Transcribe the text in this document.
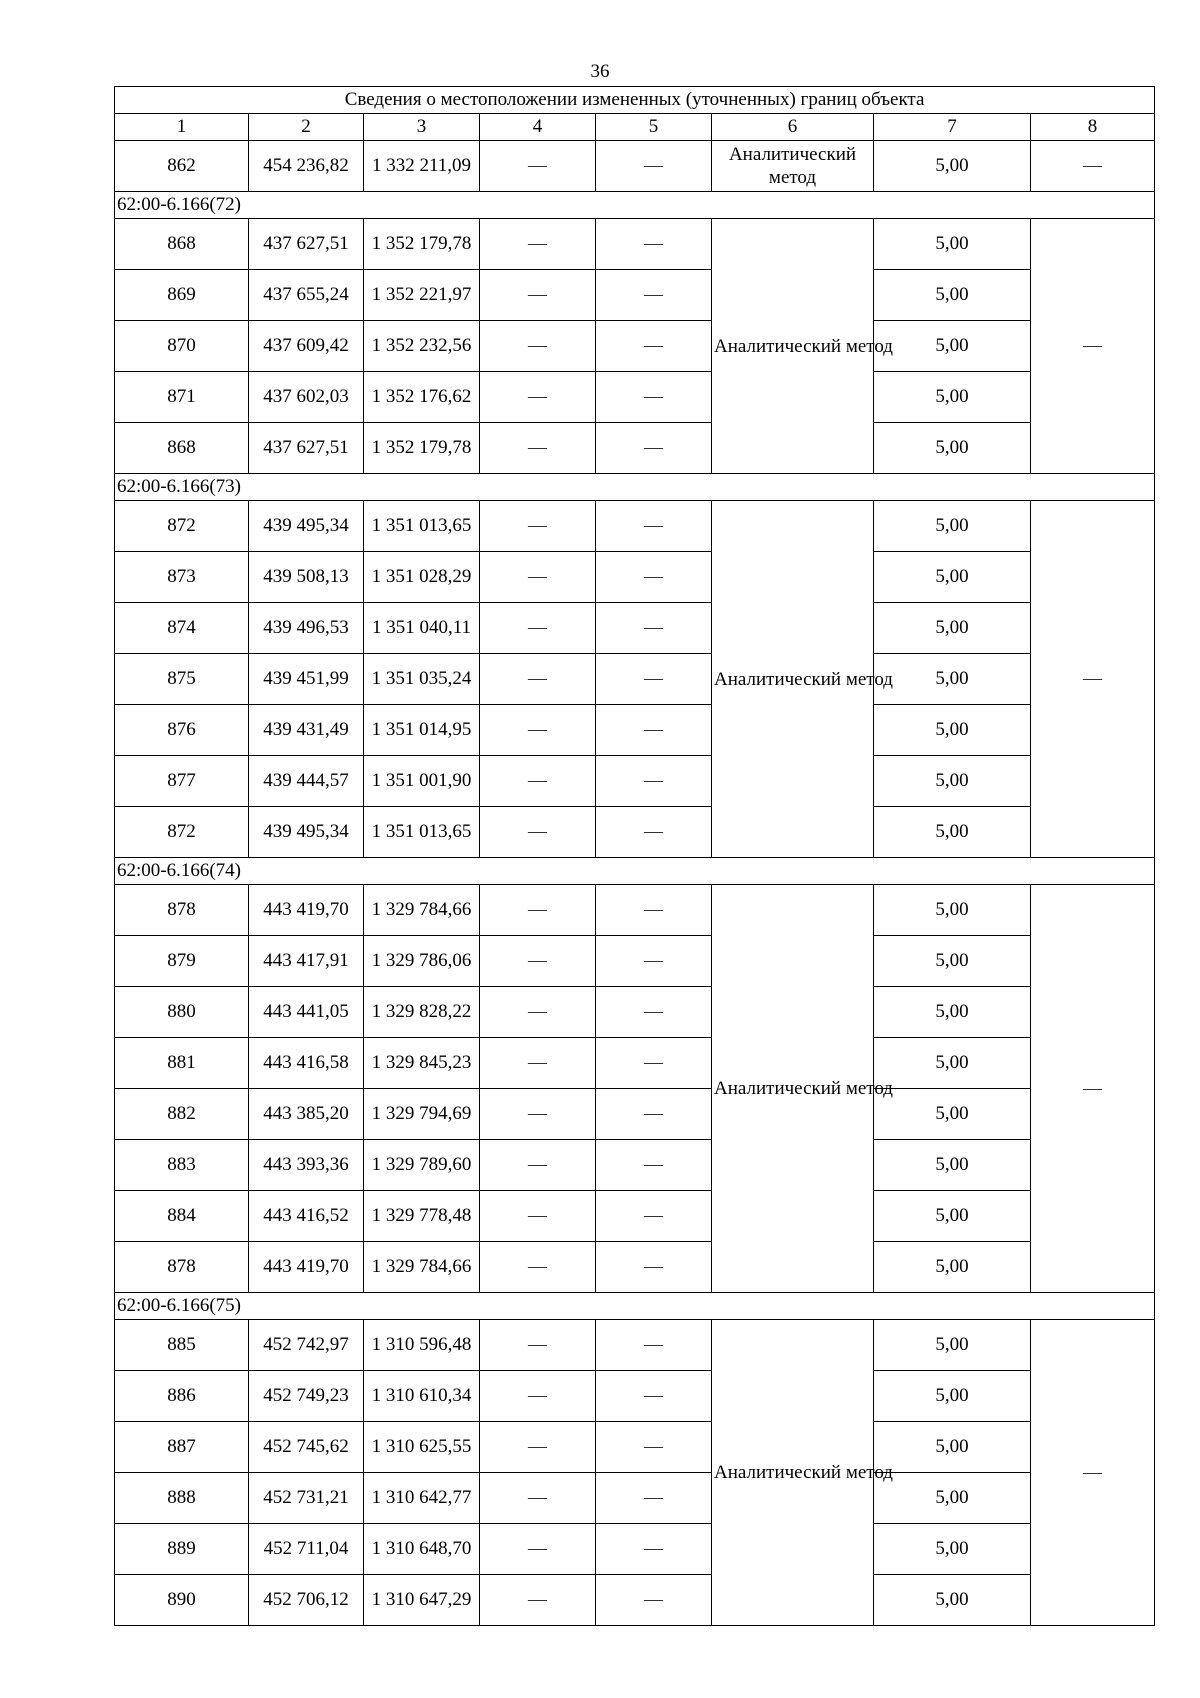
36
Сведения о местоположении измененных (уточненных) границ объекта							
1	2	3	4	5	6	7	8
862	454 236,82	1 332 211,09	—	—	Аналитический метод	5,00	—
62:00-6.166(72)							
868	437 627,51	1 352 179,78	—	—	Аналитический метод	5,00	—
869	437 655,24	1 352 221,97	—	—		5,00	
870	437 609,42	1 352 232,56	—	—		5,00	
871	437 602,03	1 352 176,62	—	—		5,00	
868	437 627,51	1 352 179,78	—	—		5,00	
62:00-6.166(73)							
872	439 495,34	1 351 013,65	—	—	Аналитический метод	5,00	—
873	439 508,13	1 351 028,29	—	—		5,00	
874	439 496,53	1 351 040,11	—	—		5,00	
875	439 451,99	1 351 035,24	—	—		5,00	
876	439 431,49	1 351 014,95	—	—		5,00	
877	439 444,57	1 351 001,90	—	—		5,00	
872	439 495,34	1 351 013,65	—	—		5,00	
62:00-6.166(74)							
878	443 419,70	1 329 784,66	—	—	Аналитический метод	5,00	—
879	443 417,91	1 329 786,06	—	—		5,00	
880	443 441,05	1 329 828,22	—	—		5,00	
881	443 416,58	1 329 845,23	—	—		5,00	
882	443 385,20	1 329 794,69	—	—		5,00	
883	443 393,36	1 329 789,60	—	—		5,00	
884	443 416,52	1 329 778,48	—	—		5,00	
878	443 419,70	1 329 784,66	—	—		5,00	
62:00-6.166(75)							
885	452 742,97	1 310 596,48	—	—	Аналитический метод	5,00	—
886	452 749,23	1 310 610,34	—	—		5,00	
887	452 745,62	1 310 625,55	—	—		5,00	
888	452 731,21	1 310 642,77	—	—		5,00	
889	452 711,04	1 310 648,70	—	—		5,00	
890	452 706,12	1 310 647,29	—	—		5,00	
